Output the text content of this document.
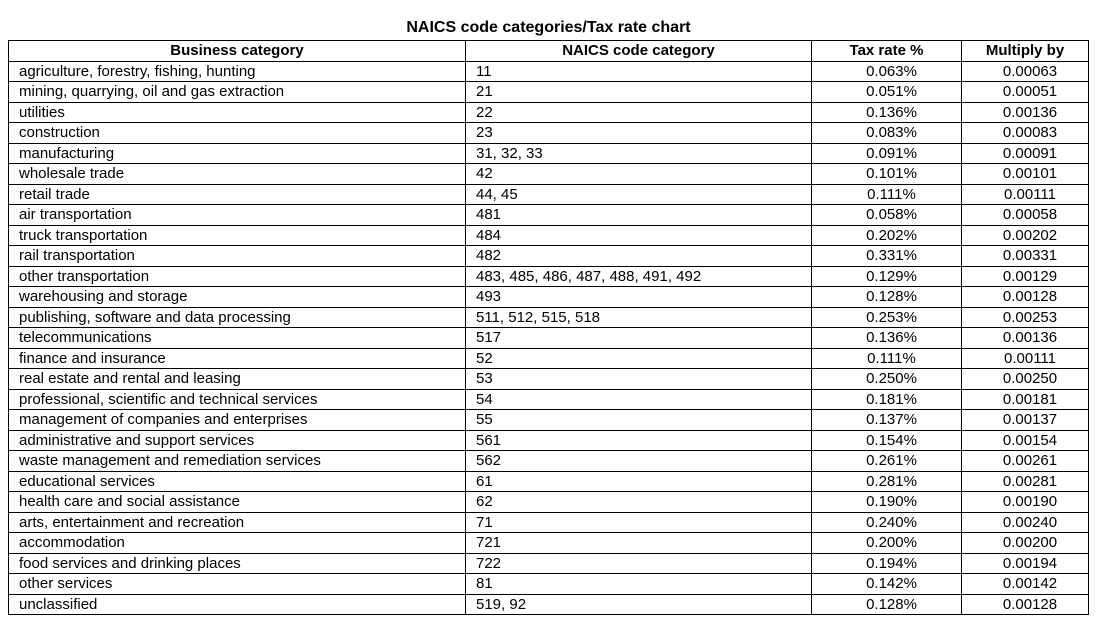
NAICS code categories/Tax rate chart
Business category	NAICS code category	Tax rate %	Multiply by
agriculture, forestry, fishing, hunting	11	0.063%	0.00063
mining, quarrying, oil and gas extraction	21	0.051%	0.00051
utilities	22	0.136%	0.00136
construction	23	0.083%	0.00083
manufacturing	31, 32, 33	0.091%	0.00091
wholesale trade	42	0.101%	0.00101
retail trade	44, 45	0.111%	0.00111
air transportation	481	0.058%	0.00058
truck transportation	484	0.202%	0.00202
rail transportation	482	0.331%	0.00331
other transportation	483, 485, 486, 487, 488, 491, 492	0.129%	0.00129
warehousing and storage	493	0.128%	0.00128
publishing, software and data processing	511, 512, 515, 518	0.253%	0.00253
telecommunications	517	0.136%	0.00136
finance and insurance	52	0.111%	0.00111
real estate and rental and leasing	53	0.250%	0.00250
professional, scientific and technical services	54	0.181%	0.00181
management of companies and enterprises	55	0.137%	0.00137
administrative and support services	561	0.154%	0.00154
waste management and remediation services	562	0.261%	0.00261
educational services	61	0.281%	0.00281
health care and social assistance	62	0.190%	0.00190
arts, entertainment and recreation	71	0.240%	0.00240
accommodation	721	0.200%	0.00200
food services and drinking places	722	0.194%	0.00194
other services	81	0.142%	0.00142
unclassified	519, 92	0.128%	0.00128
